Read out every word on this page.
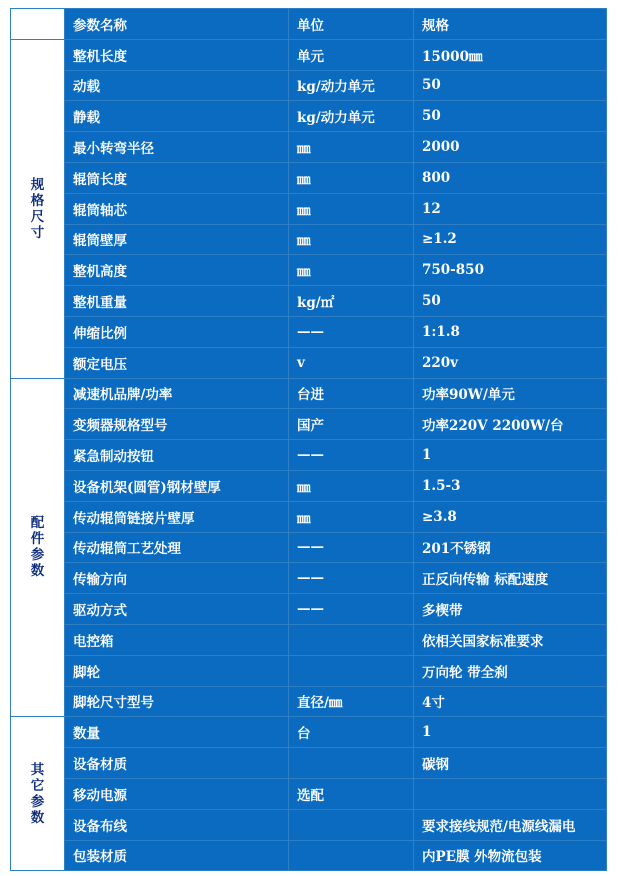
	参数名称	单位	规格
规格尺寸	整机长度	单元	15000㎜
	动载	kg/动力单元	50
	静载	kg/动力单元	50
	最小转弯半径	㎜	2000
	辊筒长度	㎜	800
	辊筒轴芯	㎜	12
	辊筒壁厚	㎜	≥1.2
	整机高度	㎜	750-850
	整机重量	kg/㎡	50
	伸缩比例	——	1:1.8
	额定电压	v	220v
配件参数	减速机品牌/功率	台进	功率90W/单元
	变频器规格型号	国产	功率220V 2200W/台
	紧急制动按钮	——	1
	设备机架(圆管)钢材壁厚	㎜	1.5-3
	传动辊筒链接片壁厚	㎜	≥3.8
	传动辊筒工艺处理	——	201不锈钢
	传输方向	——	正反向传输 标配速度
	驱动方式	——	多楔带
	电控箱		依相关国家标准要求
	脚轮		万向轮 带全刹
	脚轮尺寸型号	直径/㎜	4寸
其它参数	数量	台	1
	设备材质		碳钢
	移动电源	选配	
	设备布线		要求接线规范/电源线漏电
	包装材质		内PE膜 外物流包装
